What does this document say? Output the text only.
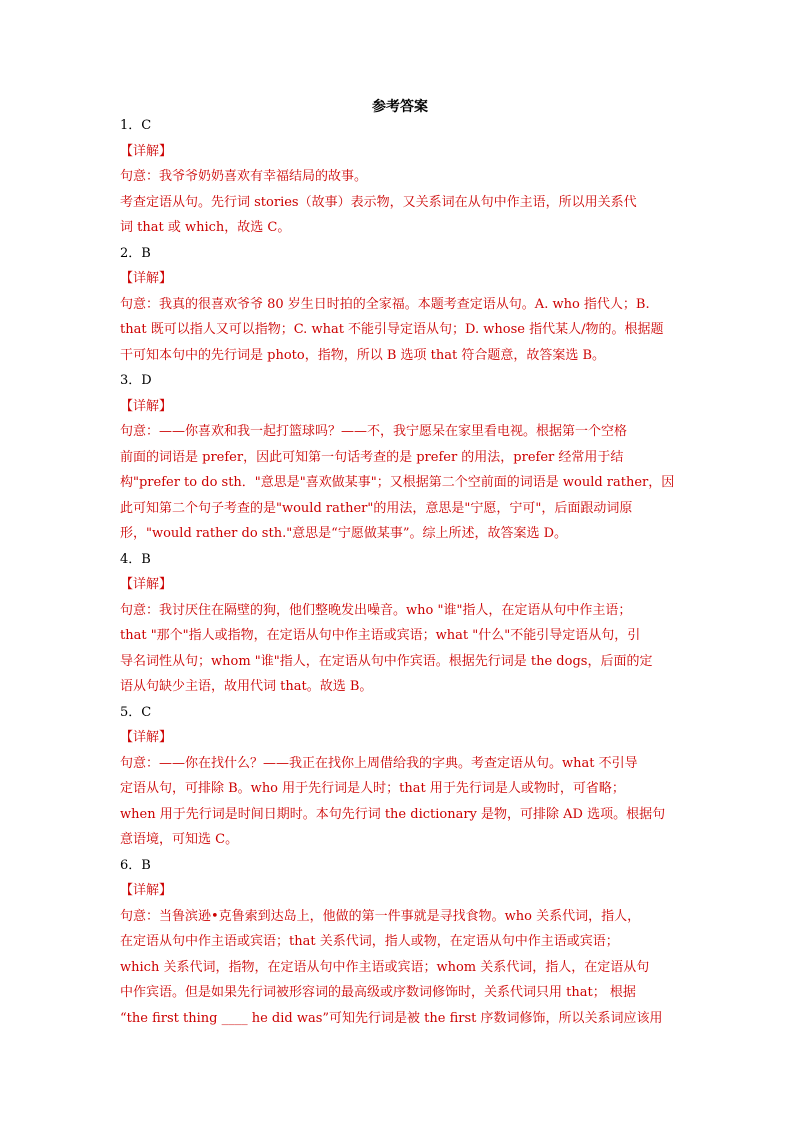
参考答案
1．C
【详解】
句意：我爷爷奶奶喜欢有幸福结局的故事。
考查定语从句。先行词 stories（故事）表示物，又关系词在从句中作主语，所以用关系代
词 that 或 which，故选 C。
2．B
【详解】
句意：我真的很喜欢爷爷 80 岁生日时拍的全家福。本题考查定语从句。A. who 指代人；B.
that 既可以指人又可以指物；C. what 不能引导定语从句；D. whose 指代某人/物的。根据题
干可知本句中的先行词是 photo，指物，所以 B 选项 that 符合题意，故答案选 B。
3．D
【详解】
句意：——你喜欢和我一起打篮球吗？——不，我宁愿呆在家里看电视。根据第一个空格
前面的词语是 prefer，因此可知第一句话考查的是 prefer 的用法，prefer 经常用于结
构"prefer to do sth．"意思是"喜欢做某事"；又根据第二个空前面的词语是 would rather，因
此可知第二个句子考查的是"would rather"的用法，意思是"宁愿，宁可"，后面跟动词原
形，"would rather do sth."意思是“宁愿做某事”。综上所述，故答案选 D。
4．B
【详解】
句意：我讨厌住在隔壁的狗，他们整晚发出噪音。who "谁"指人，在定语从句中作主语；
that "那个"指人或指物，在定语从句中作主语或宾语；what "什么"不能引导定语从句，引
导名词性从句；whom "谁"指人，在定语从句中作宾语。根据先行词是 the dogs，后面的定
语从句缺少主语，故用代词 that。故选 B。
5．C
【详解】
句意：——你在找什么？——我正在找你上周借给我的字典。考查定语从句。what 不引导
定语从句，可排除 B。who 用于先行词是人时；that 用于先行词是人或物时，可省略；
when 用于先行词是时间日期时。本句先行词 the dictionary 是物，可排除 AD 选项。根据句
意语境，可知选 C。
6．B
【详解】
句意：当鲁滨逊•克鲁索到达岛上，他做的第一件事就是寻找食物。who 关系代词，指人，
在定语从句中作主语或宾语；that 关系代词，指人或物，在定语从句中作主语或宾语；
which 关系代词，指物，在定语从句中作主语或宾语；whom 关系代词，指人，在定语从句
中作宾语。但是如果先行词被形容词的最高级或序数词修饰时，关系代词只用 that； 根据
“the first thing ____ he did was”可知先行词是被 the first 序数词修饰，所以关系词应该用
